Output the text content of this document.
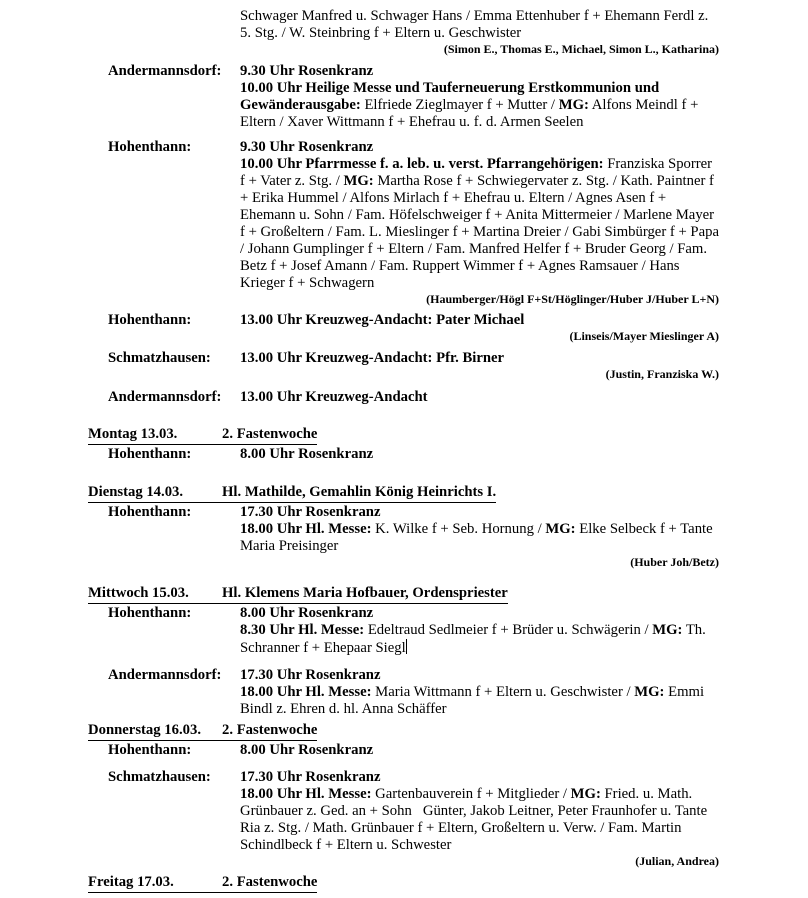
Schwager Manfred u. Schwager Hans / Emma Ettenhuber f + Ehemann Ferdl z. 5. Stg. / W. Steinbring f + Eltern u. Geschwister
(Simon E., Thomas E., Michael, Simon L., Katharina)
Andermannsdorf:	9.30 Uhr Rosenkranz
10.00 Uhr Heilige Messe und Tauferneuerung Erstkommunion und Gewänderausgabe: Elfriede Zieglmayer f + Mutter / MG: Alfons Meindl f + Eltern / Xaver Wittmann f + Ehefrau u. f. d. Armen Seelen
Hohenthann:	9.30 Uhr Rosenkranz
10.00 Uhr Pfarrmesse f. a. leb. u. verst. Pfarrangehörigen: Franziska Sporrer f + Vater z. Stg. / MG: Martha Rose f + Schwiegervater z. Stg. / Kath. Paintner f + Erika Hummel / Alfons Mirlach f + Ehefrau u. Eltern / Agnes Asen f + Ehemann u. Sohn / Fam. Höfelschweiger f + Anita Mittermeier / Marlene Mayer f + Großeltern / Fam. L. Mieslinger f + Martina Dreier / Gabi Simbürger f + Papa / Johann Gumplinger f + Eltern / Fam. Manfred Helfer f + Bruder Georg / Fam. Betz f + Josef Amann / Fam. Ruppert Wimmer f + Agnes Ramsauer / Hans Krieger f + Schwagern
(Haumberger/Högl F+St/Höglinger/Huber J/Huber L+N)
Hohenthann:	13.00 Uhr Kreuzweg-Andacht: Pater Michael
(Linseis/Mayer Mieslinger A)
Schmatzhausen:	13.00 Uhr Kreuzweg-Andacht: Pfr. Birner
(Justin, Franziska W.)
Andermannsdorf:	13.00 Uhr Kreuzweg-Andacht
Montag 13.03.	2. Fastenwoche
Hohenthann:	8.00 Uhr Rosenkranz
Dienstag 14.03.	Hl. Mathilde, Gemahlin König Heinrichts I.
Hohenthann:	17.30 Uhr Rosenkranz
18.00 Uhr Hl. Messe: K. Wilke f + Seb. Hornung / MG: Elke Selbeck f + Tante Maria Preisinger
(Huber Joh/Betz)
Mittwoch 15.03.	Hl. Klemens Maria Hofbauer, Ordenspriester
Hohenthann:	8.00 Uhr Rosenkranz
8.30 Uhr Hl. Messe: Edeltraud Sedlmeier f + Brüder u. Schwägerin / MG: Th. Schranner f + Ehepaar Siegl
Andermannsdorf:	17.30 Uhr Rosenkranz
18.00 Uhr Hl. Messe: Maria Wittmann f + Eltern u. Geschwister / MG: Emmi Bindl z. Ehren d. hl. Anna Schäffer
Donnerstag 16.03.	2. Fastenwoche
Hohenthann:	8.00 Uhr Rosenkranz
Schmatzhausen:	17.30 Uhr Rosenkranz
18.00 Uhr Hl. Messe: Gartenbauverein f + Mitglieder / MG: Fried. u. Math. Grünbauer z. Ged. an + Sohn   Günter, Jakob Leitner, Peter Fraunhofer u. Tante Ria z. Stg. / Math. Grünbauer f + Eltern, Großeltern u. Verw. / Fam. Martin Schindlbeck f + Eltern u. Schwester
(Julian, Andrea)
Freitag 17.03.	2. Fastenwoche
